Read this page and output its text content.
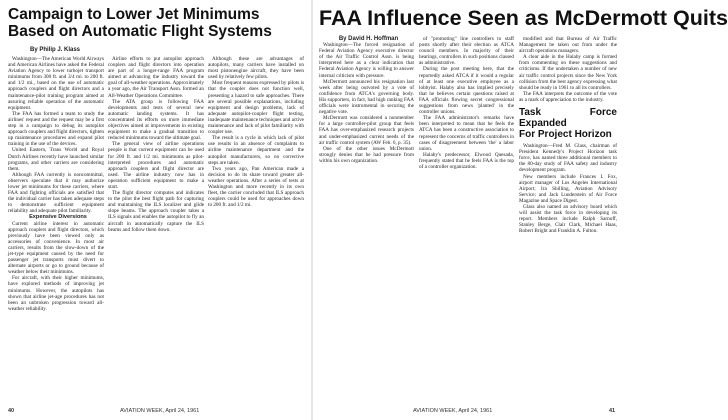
Campaign to Lower Jet Minimums
Based on Automatic Flight Systems
By Philip J. Klass

Washington—The American World Airways and American Airlines have asked the Federal Aviation Agency to lower turbojet transport minimums from 300 ft. and 3/4 mi. to 200 ft. and 1/2 mi., based on the use of automatic approach couplers and flight directors and a maintenance-pilot training program aimed at assuring reliable operation of the automatic equipment.

The FAA has formed a team to study the airlines' request and the request may be a first step in a campaign to debug its autopilot approach couplers and flight directors, tighten up maintenance procedures and expand pilot training in the use of the devices.

United Eastern, Trans World and Royal Dutch Airlines recently have launched similar programs, and other carriers are considering them.

Although FAA currently is noncommittal, observers speculate that it may authorize lower jet minimums for these carriers, where FAA and fighting officials are satisfied that the individual carrier has taken adequate steps to demonstrate sufficient equipment reliability and adequate pilot familiarity.

Expensive Diversions

Current airline interest in automatic approach couplers and flight directors, which previously have been viewed only as accessories of convenience. In most air carriers, results from the slow-down of the jet-type equipment caused by the need for passenger jet transports must divert to alternate airports or go to ground because of weather below their minimums.

For aircraft, with their higher minimums, have explored methods of improving jet minimums. However, the autopilots has shown that airline jet-age procedures has not been an unbroken progression toward all-weather reliability.

Airline efforts to put autopilot approach couplers and flight directors into operation are part of a longer-range FAA program aimed at advancing the industry toward the goal of all-weather operations. Approximately a year ago, the Air Transport Assn. formed an All-Weather Operations Committee.

The ATA group is following FAA developments and tests of several new automatic landing systems. It has concentrated its efforts on more immediate objectives aimed at improvements in existing equipment to make a gradual transition to reduced minimums toward the ultimate goal.

The general view of airline operations people is that current equipment can be used for 200 ft. and 1/2 mi. minimums as pilot-interpreted procedures and automatic approach couplers and flight director are used. The airline industry now has in operation sufficient equipment to make a start.

The flight director computes and indicates to the pilot the best flight path for capturing and maintaining the ILS localizer and glide slope beams. The approach coupler takes a ILS signals and enables the autopilot to fly an aircraft in automatically capture the ILS beams and follow them down.

Although these are advantages of autopilots, many carriers have installed on most pistonengine aircraft, they have been used by relatively few pilots.

Most frequent reasons expressed by pilots is that the coupler does not function well, presenting a hazard to safe approaches. There are several possible explanations, including equipment and design problems, lack of adequate autopilot-coupler flight testing, inadequate maintenance techniques and active maintenance and lack of pilot familiarity with coupler use.

The result is a cycle in which lack of pilot use results in an absence of complaints to airline maintenance department and the autopilot manufacturers, so no corrective steps are taken.

Two years ago, Pan American made a decision to do its share toward greater all-weather operations. After a series of tests at Washington and more recently in its own fleet, the carrier concluded that ILS approach couplers could be used for approaches down to 200 ft. and 1/2 mi.

40	AVIATION WEEK, April 24, 1961
FAA Influence Seen as McDermott Quits

By David H. Hoffman

Washington—The forced resignation of Federal Aviation Agency executive director of the Air Traffic Control Assn. is being interpreted here as a clear indication that Federal Aviation Agency is willing to answer internal criticism with pressure.

McDermott announced his resignation last week after being outvoted by a vote of confidence from ATCA's governing body. His supporters, in fact, had high ranking FAA officials were instrumental in securing the negative vote.

McDermott was considered a nonmember for a large controller-pilot group that feels FAA has over-emphasized research projects and under-emphasized current needs of the air traffic control system (AW Feb. 6, p. 35).

One of the other issues McDermott strongly denies that he had pressure from within his own organization.

of "promoting" line controllers to staff posts shortly after their election as ATCA council members. In majority of their hearings, controllers in such positions classed as administrative.

During the post meeting here, that the reportedly asked ATCA if it would a regular of at least one executive employee as a lobbyist. Halaby also has implied precisely that he believes certain questions raised at FAA officials flowing secret congressional suggestions from news 'planted' in the controller unions.

The FAA administrator's remarks have been interpreted to mean that he feels the ATCA has been a constructive association to represent the concerns of traffic controllers in cases of disagreement between 'the' a labor union.

Halaby's predecessor, Elwood Quesada, frequently stated that he feels FAA is the top of a controller organization.

modified and that Bureau of Air Traffic Management be taken out from under the aircraft operations managers.

A clear aide in the Halaby camp is formed from commenting on these suggestions and criticisms. If the undertaken a number of new air traffic control projects since the New York collision from the best agency expressing what should be ready in 1961 to all its controllers.

The FAA interprets the outcome of the vote as a mark of appreciation to the industry.

Task Force Expanded
For Project Horizon

Washington—Fred M. Glass, chairman of President Kennedy's Project Horizon task force, has named three additional members to the 80-day study of FAA safety and industry development program.

New members include Frances I. Fox, airport manager of Los Angeles International Airport; Ira Shilling, Aviation Advisory Service; and Jack Lunderstein of Air Force Magazine and Space Digest.

Glass also named an advisory board which will assist the task force in developing its report. Members include Ralph Sarnoff, Stanley Berge, Clair Clark, Michael Haas, Robert Bright and Franklin A. Fulton.

AVIATION WEEK, April 24, 1961	41
